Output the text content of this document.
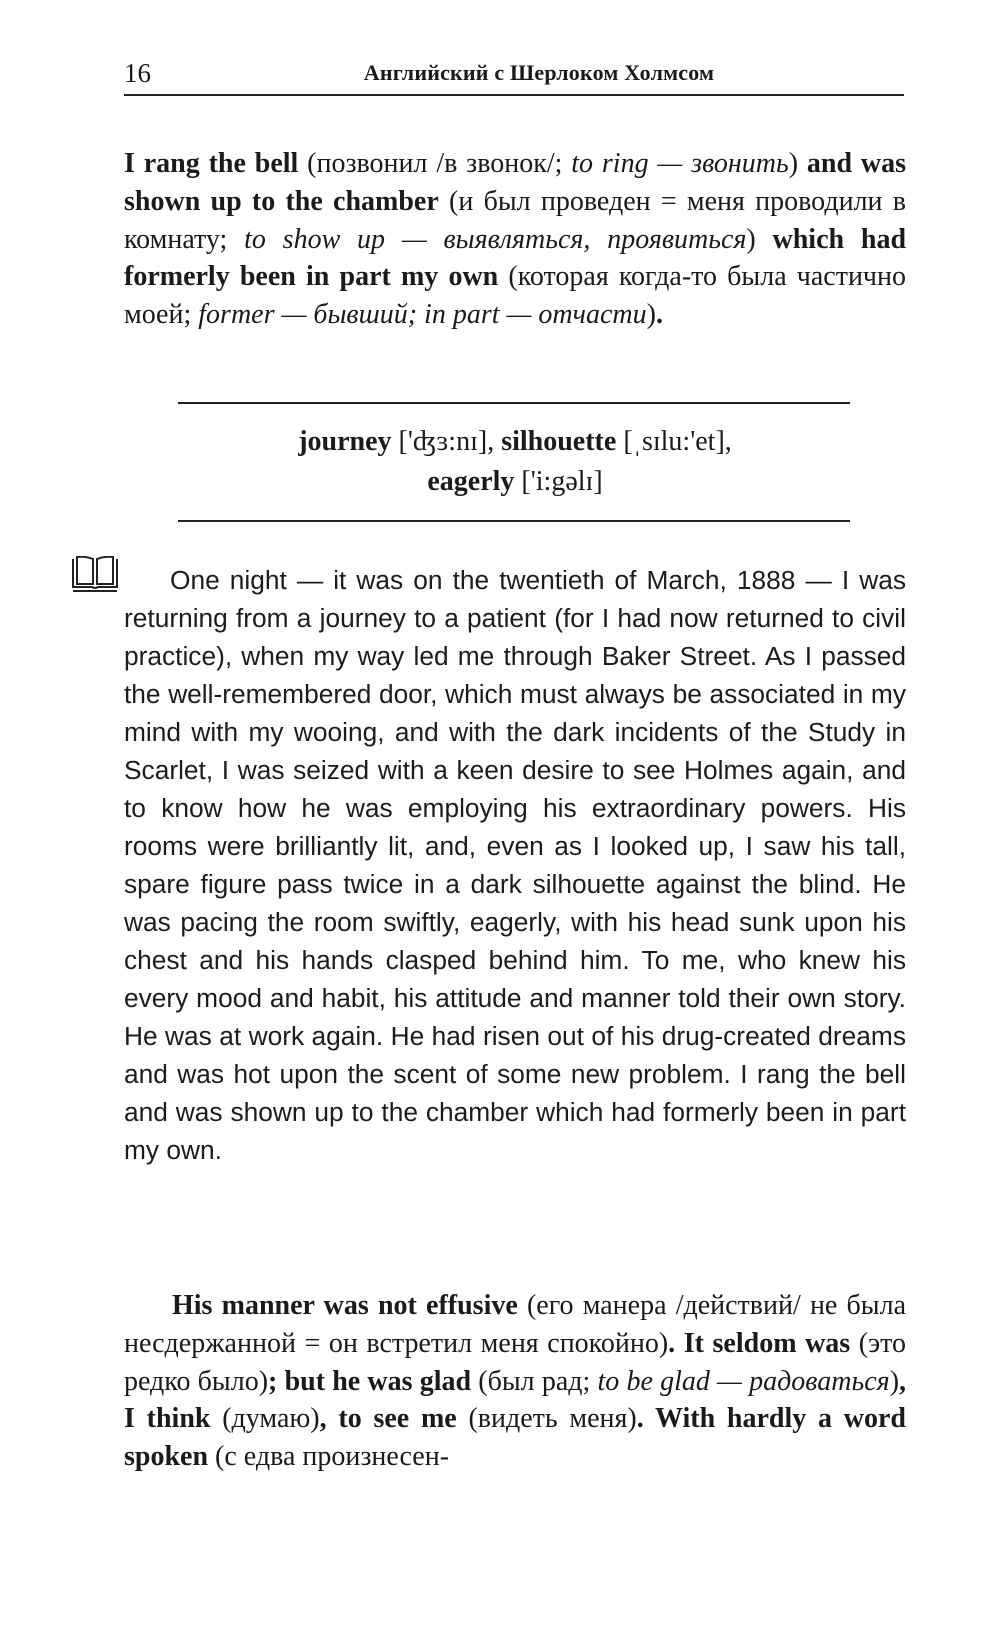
16	Английский с Шерлоком Холмсом
I rang the bell (позвонил /в звонок/; to ring — звонить) and was shown up to the chamber (и был проведен = меня проводили в комнату; to show up — выявляться, проявиться) which had formerly been in part my own (которая когда-то была частично моей; former — бывший; in part — отчасти).
journey ['ʤɜ:nɪ], silhouette [ˌsɪlu:'et],
eagerly ['i:gəlɪ]
One night — it was on the twentieth of March, 1888 — I was returning from a journey to a patient (for I had now returned to civil practice), when my way led me through Baker Street. As I passed the well-remembered door, which must always be associated in my mind with my wooing, and with the dark incidents of the Study in Scarlet, I was seized with a keen desire to see Holmes again, and to know how he was employing his extraordinary powers. His rooms were brilliantly lit, and, even as I looked up, I saw his tall, spare figure pass twice in a dark silhouette against the blind. He was pacing the room swiftly, eagerly, with his head sunk upon his chest and his hands clasped behind him. To me, who knew his every mood and habit, his attitude and manner told their own story. He was at work again. He had risen out of his drug-created dreams and was hot upon the scent of some new problem. I rang the bell and was shown up to the chamber which had formerly been in part my own.
His manner was not effusive (его манера /действий/ не была несдержанной = он встретил меня спокойно). It seldom was (это редко было); but he was glad (был рад; to be glad — радоваться), I think (думаю), to see me (видеть меня). With hardly a word spoken (с едва произнесен-
